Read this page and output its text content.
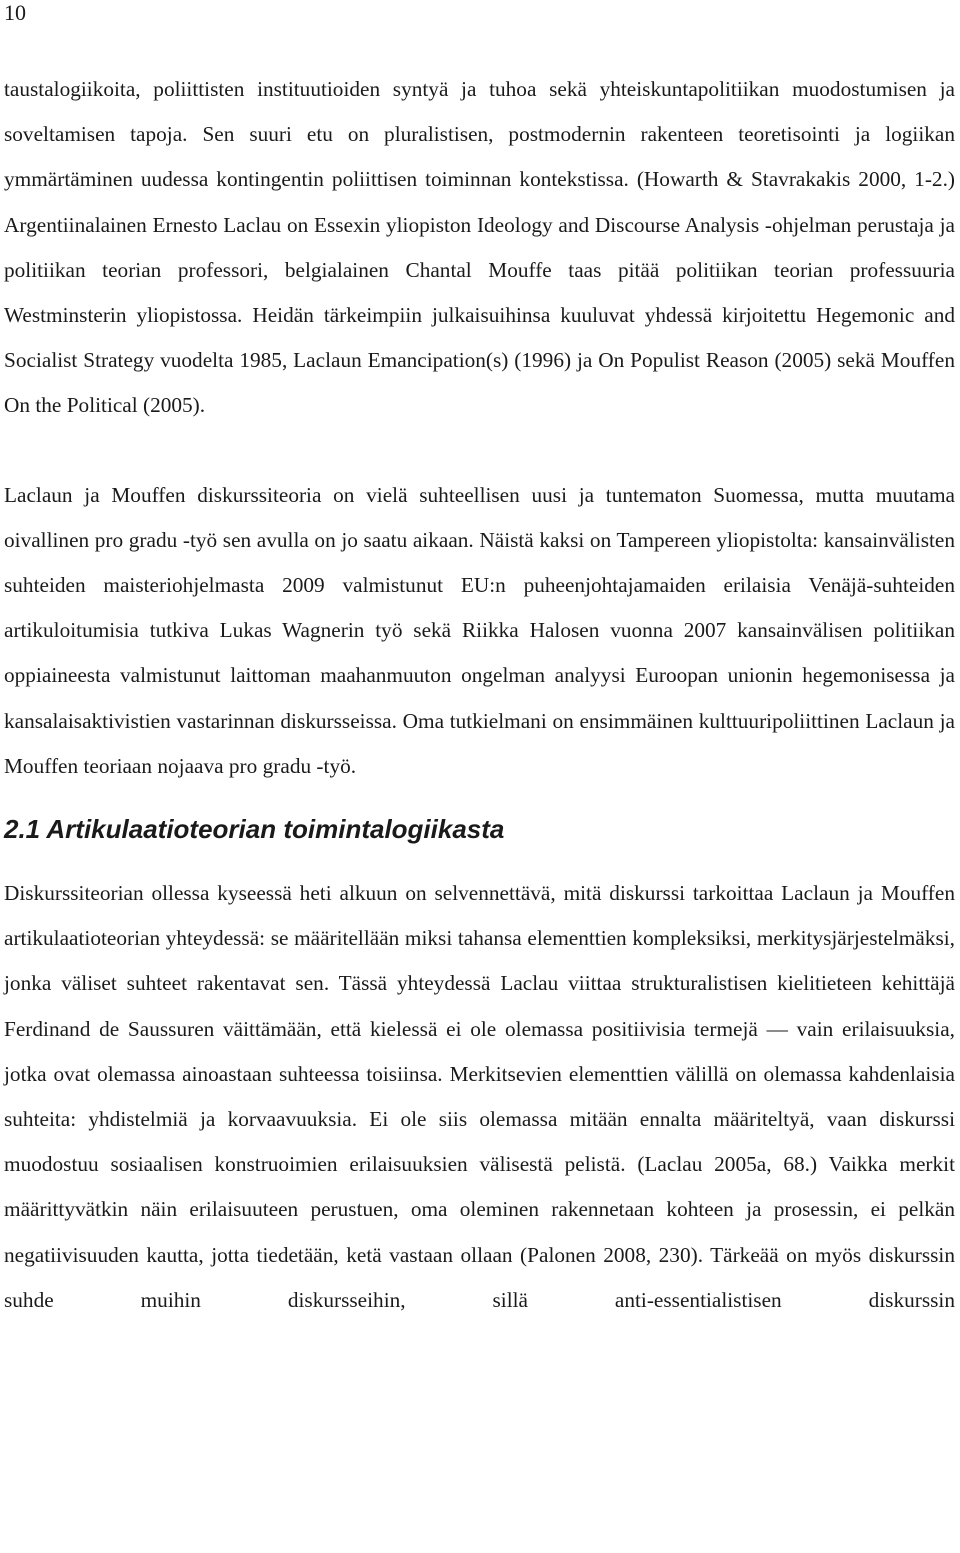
10

taustalogiikoita, poliittisten instituutioiden syntyä ja tuhoa sekä yhteiskuntapolitiikan muodostumisen ja soveltamisen tapoja. Sen suuri etu on pluralistisen, postmodernin rakenteen teoretisointi ja logiikan ymmärtäminen uudessa kontingentin poliittisen toiminnan kontekstissa. (Howarth & Stavrakakis 2000, 1-2.) Argentiinalainen Ernesto Laclau on Essexin yliopiston Ideology and Discourse Analysis -ohjelman perustaja ja politiikan teorian professori, belgialainen Chantal Mouffe taas pitää politiikan teorian professuuria Westminsterin yliopistossa. Heidän tärkeimpiin julkaisuihinsa kuuluvat yhdessä kirjoitettu Hegemonic and Socialist Strategy vuodelta 1985, Laclaun Emancipation(s) (1996) ja On Populist Reason (2005) sekä Mouffen On the Political (2005).

Laclaun ja Mouffen diskurssiteoria on vielä suhteellisen uusi ja tuntematon Suomessa, mutta muutama oivallinen pro gradu -työ sen avulla on jo saatu aikaan. Näistä kaksi on Tampereen yliopistolta: kansainvälisten suhteiden maisteriohjelmasta 2009 valmistunut EU:n puheenjohtajamaiden erilaisia Venäjä-suhteiden artikuloitumisia tutkiva Lukas Wagnerin työ sekä Riikka Halosen vuonna 2007 kansainvälisen politiikan oppiaineesta valmistunut laittoman maahanmuuton ongelman analyysi Euroopan unionin hegemonisessa ja kansalaisaktivistien vastarinnan diskursseissa. Oma tutkielmani on ensimmäinen kulttuuripoliittinen Laclaun ja Mouffen teoriaan nojaava pro gradu -työ.

2.1 Artikulaatioteorian toimintalogiikasta

Diskurssiteorian ollessa kyseessä heti alkuun on selvennettävä, mitä diskurssi tarkoittaa Laclaun ja Mouffen artikulaatioteorian yhteydessä: se määritellään miksi tahansa elementtien kompleksiksi, merkitysjärjestelmäksi, jonka väliset suhteet rakentavat sen. Tässä yhteydessä Laclau viittaa strukturalistisen kielitieteen kehittäjä Ferdinand de Saussuren väittämään, että kielessä ei ole olemassa positiivisia termejä ― vain erilaisuuksia, jotka ovat olemassa ainoastaan suhteessa toisiinsa. Merkitsevien elementtien välillä on olemassa kahdenlaisia suhteita: yhdistelmiä ja korvaavuuksia. Ei ole siis olemassa mitään ennalta määriteltyä, vaan diskurssi muodostuu sosiaalisen konstruoimien erilaisuuksien välisestä pelistä. (Laclau 2005a, 68.) Vaikka merkit määrittyvätkin näin erilaisuuteen perustuen, oma oleminen rakennetaan kohteen ja prosessin, ei pelkän negatiivisuuden kautta, jotta tiedetään, ketä vastaan ollaan (Palonen 2008, 230). Tärkeää on myös diskurssin suhde muihin diskursseihin, sillä anti-essentialistisen diskurssin
